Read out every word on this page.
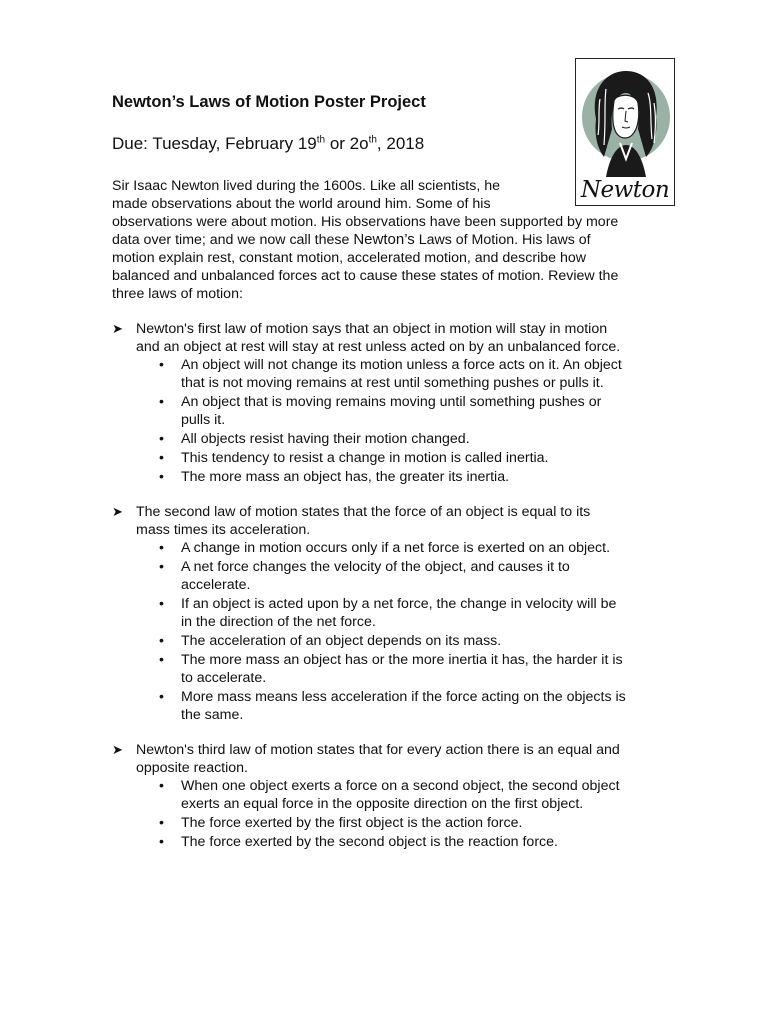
Newton’s Laws of Motion Poster Project

Due: Tuesday, February 19th or $2o^{th}$, 2018

Newton

Sir Isaac Newton lived during the 1600s. Like all scientists, he
made observations about the world around him. Some of his
observations were about motion. His observations have been supported by more
data over time; and we now call these Newton’s Laws of Motion. His laws of
motion explain rest, constant motion, accelerated motion, and describe how
balanced and unbalanced forces act to cause these states of motion. Review the
three laws of motion:

➤ Newton's first law of motion says that an object in motion will stay in motion
and an object at rest will stay at rest unless acted on by an unbalanced force.

• An object will not change its motion unless a force acts on it. An object
that is not moving remains at rest until something pushes or pulls it.
• An object that is moving remains moving until something pushes or
pulls it.
• All objects resist having their motion changed.
• This tendency to resist a change in motion is called inertia.
• The more mass an object has, the greater its inertia.

➤ The second law of motion states that the force of an object is equal to its
mass times its acceleration.

• A change in motion occurs only if a net force is exerted on an object.
• A net force changes the velocity of the object, and causes it to
accelerate.
• If an object is acted upon by a net force, the change in velocity will be
in the direction of the net force.
• The acceleration of an object depends on its mass.
• The more mass an object has or the more inertia it has, the harder it is
to accelerate.
• More mass means less acceleration if the force acting on the objects is
the same.

➤ Newton's third law of motion states that for every action there is an equal and
opposite reaction.

• When one object exerts a force on a second object, the second object
exerts an equal force in the opposite direction on the first object.
• The force exerted by the first object is the action force.
• The force exerted by the second object is the reaction force.
